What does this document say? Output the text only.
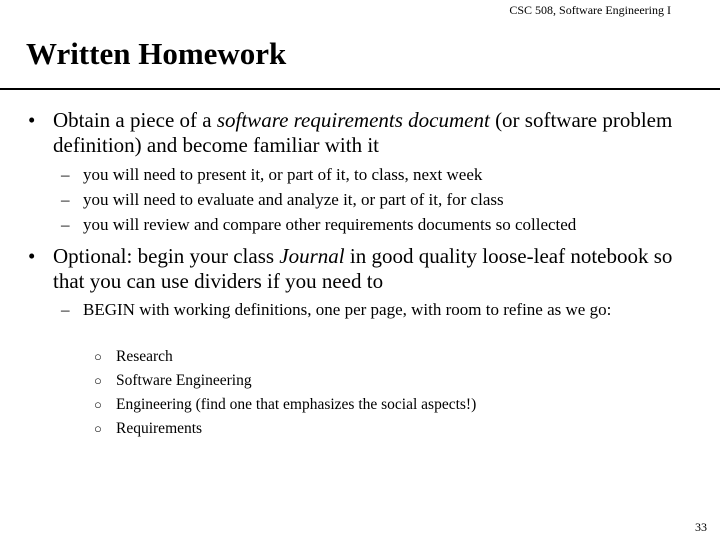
CSC 508, Software Engineering I
Written Homework
• Obtain a piece of a software requirements document (or software problem definition) and become familiar with it
– you will need to present it, or part of it, to class, next week
– you will need to evaluate and analyze it, or part of it, for class
– you will review and compare other requirements documents so collected
• Optional: begin your class Journal in good quality loose-leaf notebook so that you can use dividers if you need to
– BEGIN with working definitions, one per page, with room to refine as we go:
○ Research
○ Software Engineering
○ Engineering (find one that emphasizes the social aspects!)
○ Requirements
33
